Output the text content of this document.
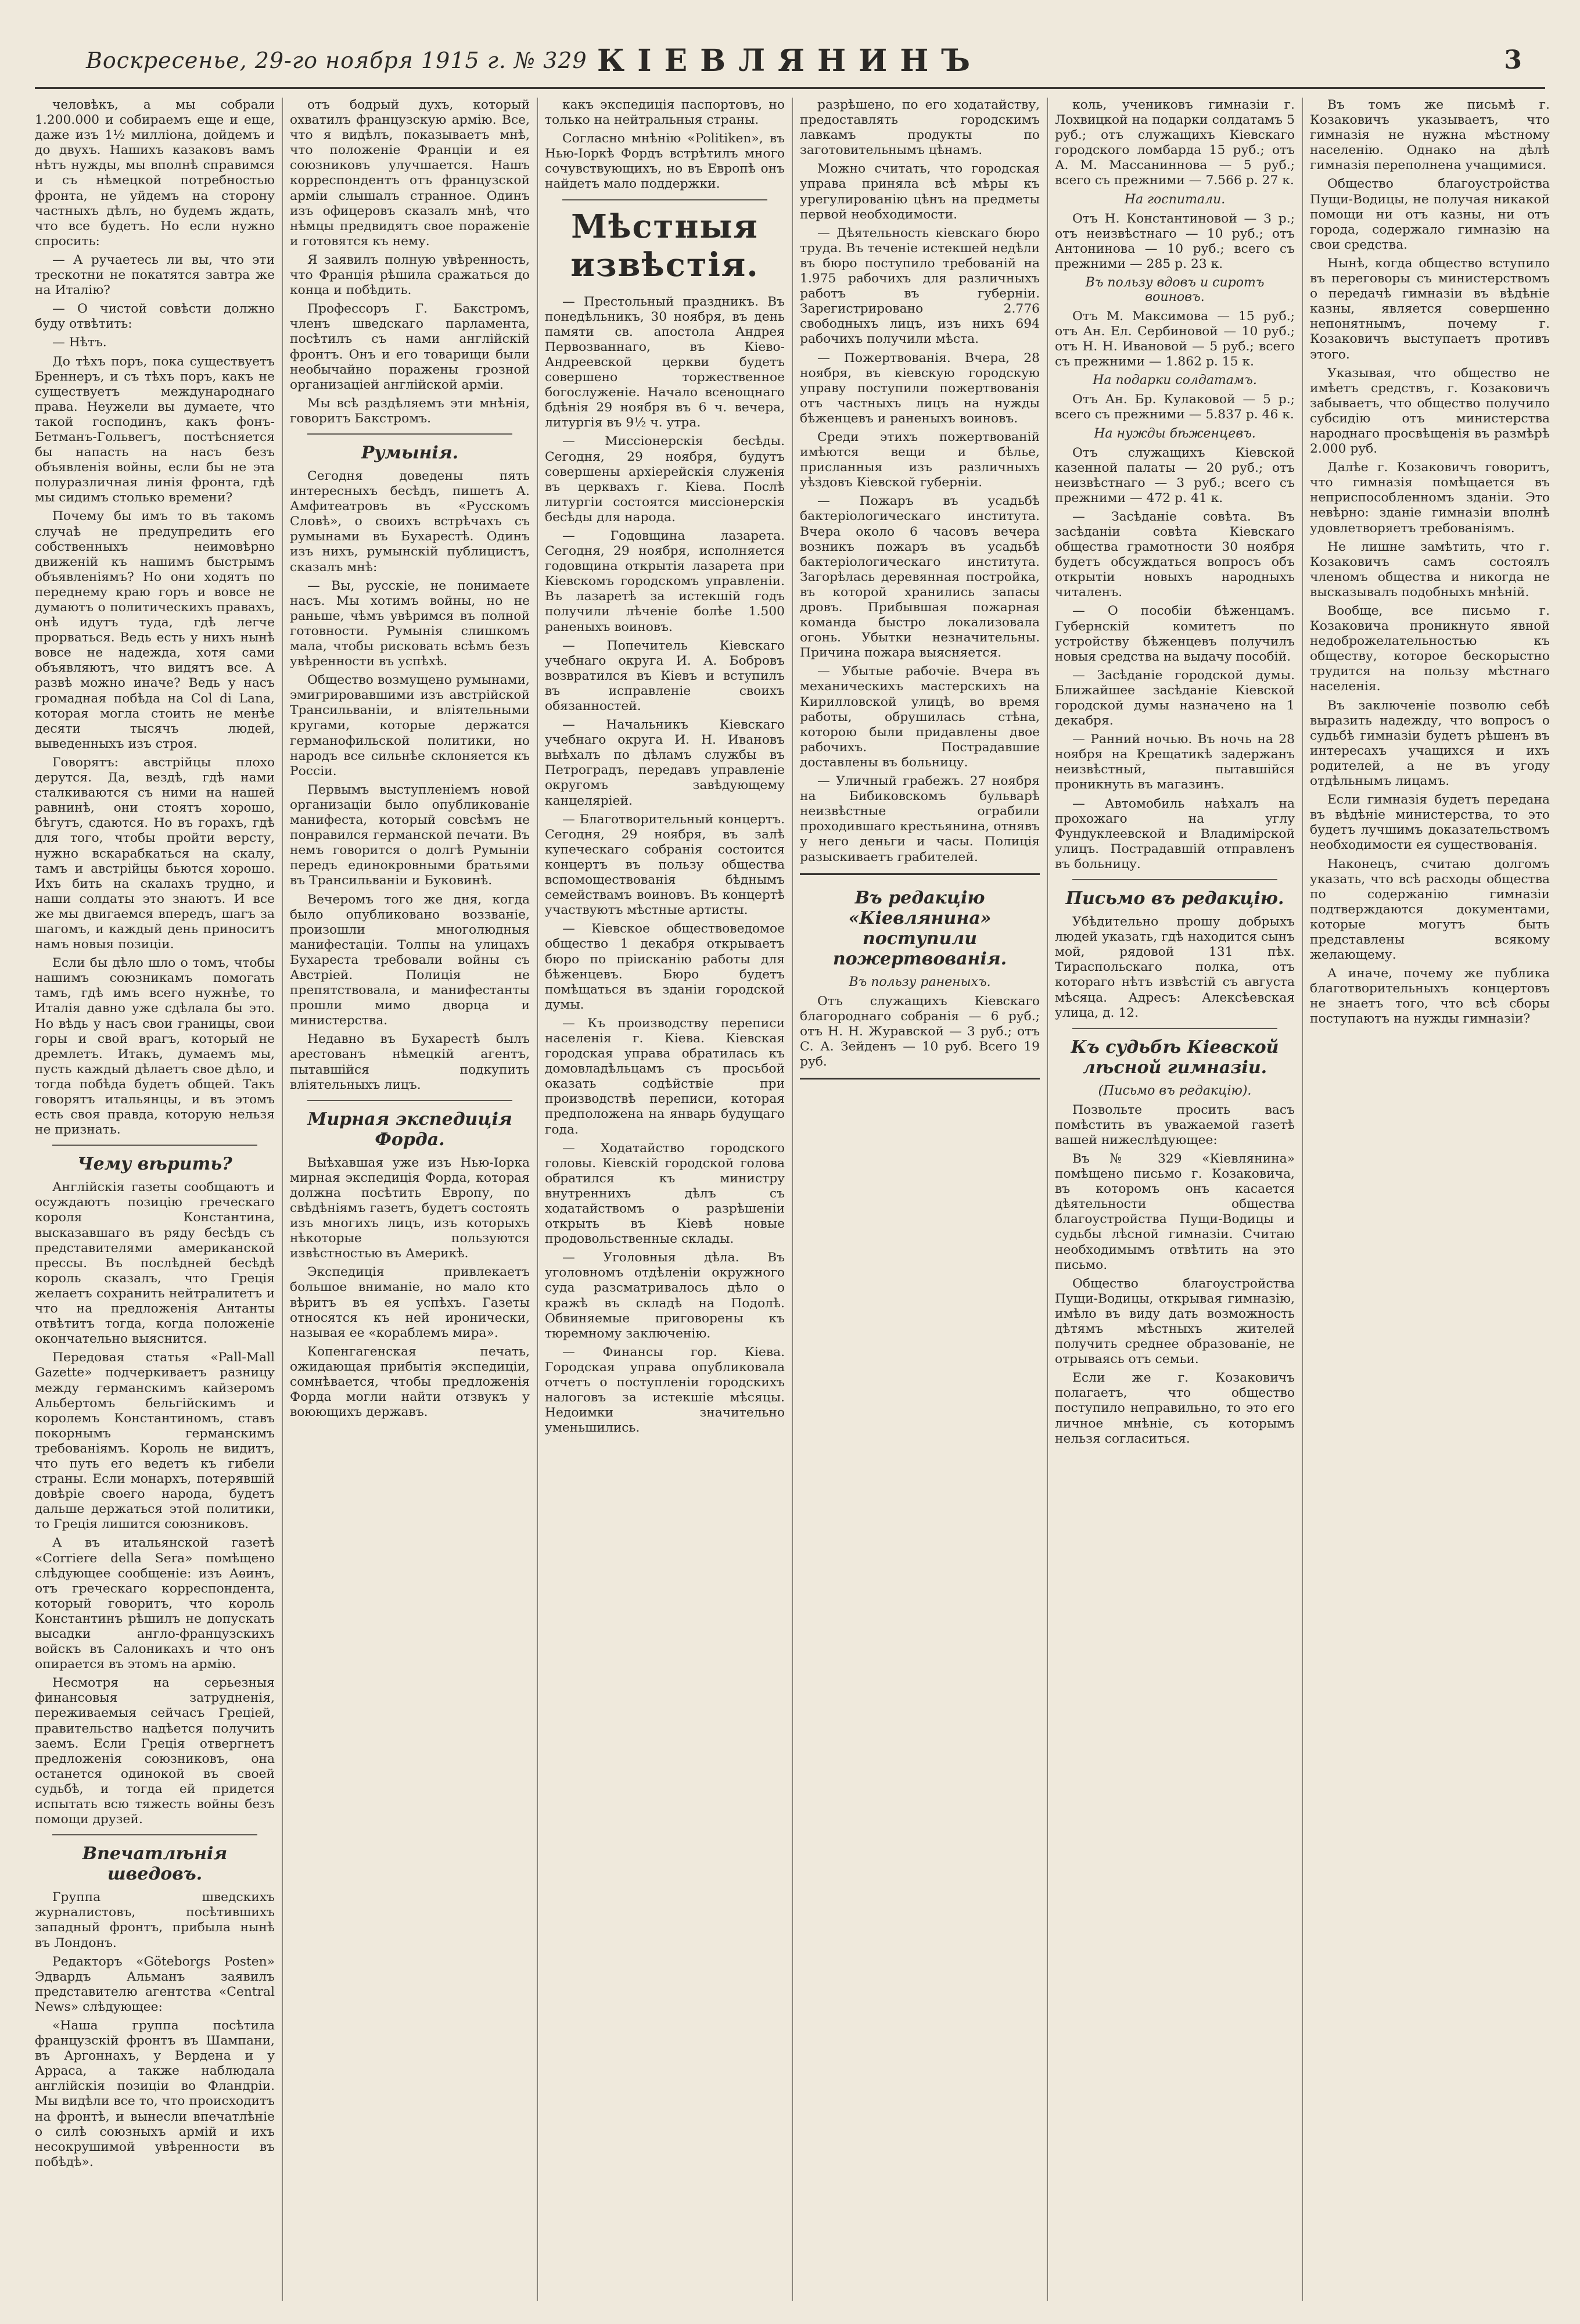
Воскресенье, 29-го ноября 1915 г. № 329 КІЕВЛЯНИНЪ	3

человѣкъ, а мы собрали 1.200.000 и собираемъ еще и еще, даже изъ 1½ милліона, дойдемъ и до двухъ. Нашихъ казаковъ вамъ нѣтъ нужды, мы вполнѣ справимся и съ нѣмецкой потребностью фронта, не уйдемъ на сторону частныхъ дѣлъ, но будемъ ждать, что все будетъ. Но если нужно спросить:

— А ручаетесь ли вы, что эти трескотни не покатятся завтра же на Италію?

— О чистой совѣсти должно буду отвѣтить:

— Нѣтъ.

До тѣхъ поръ, пока существуетъ Бреннеръ, и съ тѣхъ поръ, какъ не существуетъ международнаго права. Неужели вы думаете, что такой господинъ, какъ фонъ-Бетманъ-Гольвегъ, постѣсняется бы напасть на насъ безъ объявленія войны, если бы не эта полуразличная линія фронта, гдѣ мы сидимъ столько времени?

Почему бы имъ то въ такомъ случаѣ не предупредить его собственныхъ неимовѣрно движеній къ нашимъ быстрымъ объявленіямъ? Но они ходятъ по переднему краю горъ и вовсе не думаютъ о политическихъ правахъ, онѣ идутъ туда, гдѣ легче прорваться. Ведь есть у нихъ нынѣ вовсе не надежда, хотя сами объявляютъ, что видятъ все. А развѣ можно иначе? Ведь у насъ громадная побѣда на Col di Lana, которая могла стоить не менѣе десяти тысячъ людей, выведенныхъ изъ строя.

Говорятъ: австрійцы плохо дерутся. Да, вездѣ, гдѣ нами сталкиваются съ ними на нашей равнинѣ, они стоятъ хорошо, бѣгутъ, сдаются. Но въ горахъ, гдѣ для того, чтобы пройти версту, нужно вскарабкаться на скалу, тамъ и австрійцы бьются хорошо. Ихъ бить на скалахъ трудно, и наши солдаты это знаютъ. И все же мы двигаемся впередъ, шагъ за шагомъ, и каждый день приноситъ намъ новыя позиціи.

Если бы дѣло шло о томъ, чтобы нашимъ союзникамъ помогать тамъ, гдѣ имъ всего нужнѣе, то Италія давно уже сдѣлала бы это. Но вѣдь у насъ свои границы, свои горы и свой врагъ, который не дремлетъ. Итакъ, думаемъ мы, пусть каждый дѣлаетъ свое дѣло, и тогда побѣда будетъ общей. Такъ говорятъ итальянцы, и въ этомъ есть своя правда, которую нельзя не признать.

Чему вѣрить?

Англійскія газеты сообщаютъ и осуждаютъ позицію греческаго короля Константина, высказавшаго въ ряду бесѣдъ съ представителями американской прессы. Въ послѣдней бесѣдѣ король сказалъ, что Греція желаетъ сохранить нейтралитетъ и что на предложенія Антанты отвѣтитъ тогда, когда положеніе окончательно выяснится.

Передовая статья «Pall-Mall Gazette» подчеркиваетъ разницу между германскимъ кайзеромъ Альбертомъ бельгійскимъ и королемъ Константиномъ, ставъ покорнымъ германскимъ требованіямъ. Король не видитъ, что путь его ведетъ къ гибели страны. Если монархъ, потерявшій довѣріе своего народа, будетъ дальше держаться этой политики, то Греція лишится союзниковъ.

А въ итальянской газетѣ «Corriere della Sera» помѣщено слѣдующее сообщеніе: изъ Аѳинъ, отъ греческаго корреспондента, который говоритъ, что король Константинъ рѣшилъ не допускать высадки англо-французскихъ войскъ въ Салоникахъ и что онъ опирается въ этомъ на армію.

Несмотря на серьезныя финансовыя затрудненія, переживаемыя сейчасъ Греціей, правительство надѣется получить заемъ. Если Греція отвергнетъ предложенія союзниковъ, она останется одинокой въ своей судьбѣ, и тогда ей придется испытать всю тяжесть войны безъ помощи друзей.

Впечатлѣнія шведовъ.

Группа шведскихъ журналистовъ, посѣтившихъ западный фронтъ, прибыла нынѣ въ Лондонъ.

Редакторъ «Göteborgs Posten» Эдвардъ Альманъ заявилъ представителю агентства «Central News» слѣдующее:

«Наша группа посѣтила французскій фронтъ въ Шампани, въ Аргоннахъ, у Вердена и у Арраса, а также наблюдала англійскія позиціи во Фландріи. Мы видѣли все то, что происходитъ на фронтѣ, и вынесли впечатлѣніе о силѣ союзныхъ армій и ихъ несокрушимой увѣренности въ побѣдѣ».

отъ бодрый духъ, который охватилъ французскую армію. Все, что я видѣлъ, показываетъ мнѣ, что положеніе Франціи и ея союзниковъ улучшается. Нашъ корреспондентъ отъ французской арміи слышалъ странное. Одинъ изъ офицеровъ сказалъ мнѣ, что нѣмцы предвидятъ свое пораженіе и готовятся къ нему.

Я заявилъ полную увѣренность, что Франція рѣшила сражаться до конца и побѣдить.

Профессоръ Г. Бакстромъ, членъ шведскаго парламента, посѣтилъ съ нами англійскій фронтъ. Онъ и его товарищи были необычайно поражены грозной организаціей англійской арміи.

Мы всѣ раздѣляемъ эти мнѣнія, говоритъ Бакстромъ.

Румынія.

Сегодня доведены пять интересныхъ бесѣдъ, пишетъ А. Амфитеатровъ въ «Русскомъ Словѣ», о своихъ встрѣчахъ съ румынами въ Бухарестѣ. Одинъ изъ нихъ, румынскій публицистъ, сказалъ мнѣ:

— Вы, русскіе, не понимаете насъ. Мы хотимъ войны, но не раньше, чѣмъ увѣримся въ полной готовности. Румынія слишкомъ мала, чтобы рисковать всѣмъ безъ увѣренности въ успѣхѣ.

Общество возмущено румынами, эмигрировавшими изъ австрійской Трансильваніи, и вліятельными кругами, которые держатся германофильской политики, но народъ все сильнѣе склоняется къ Россіи.

Первымъ выступленіемъ новой организаціи было опубликованіе манифеста, который совсѣмъ не понравился германской печати. Въ немъ говорится о долгѣ Румыніи передъ единокровными братьями въ Трансильваніи и Буковинѣ.

Вечеромъ того же дня, когда было опубликовано воззваніе, произошли многолюдныя манифестаціи. Толпы на улицахъ Бухареста требовали войны съ Австріей. Полиція не препятствовала, и манифестанты прошли мимо дворца и министерства.

Недавно въ Бухарестѣ былъ арестованъ нѣмецкій агентъ, пытавшійся подкупить вліятельныхъ лицъ.

Мирная экспедиція Форда.

Выѣхавшая уже изъ Нью-Іорка мирная экспедиція Форда, которая должна посѣтить Европу, по свѣдѣніямъ газетъ, будетъ состоять изъ многихъ лицъ, изъ которыхъ нѣкоторые пользуются извѣстностью въ Америкѣ.

Экспедиція привлекаетъ большое вниманіе, но мало кто вѣритъ въ ея успѣхъ. Газеты относятся къ ней иронически, называя ее «кораблемъ мира».

Копенгагенская печать, ожидающая прибытія экспедиціи, сомнѣвается, чтобы предложенія Форда могли найти отзвукъ у воюющихъ державъ.

какъ экспедиція паспортовъ, но только на нейтральныя страны.

Согласно мнѣнію «Politiken», въ Нью-Іоркѣ Фордъ встрѣтилъ много сочувствующихъ, но въ Европѣ онъ найдетъ мало поддержки.

Мѣстныя извѣстія.

— Престольный праздникъ. Въ понедѣльникъ, 30 ноября, въ день памяти св. апостола Андрея Первозваннаго, въ Кіево-Андреевской церкви будетъ совершено торжественное богослуженіе. Начало всенощнаго бдѣнія 29 ноября въ 6 ч. вечера, литургія въ 9½ ч. утра.

— Миссіонерскія бесѣды. Сегодня, 29 ноября, будутъ совершены архіерейскія служенія въ церквахъ г. Кіева. Послѣ литургіи состоятся миссіонерскія бесѣды для народа.

— Годовщина лазарета. Сегодня, 29 ноября, исполняется годовщина открытія лазарета при Кіевскомъ городскомъ управленіи. Въ лазаретѣ за истекшій годъ получили лѣченіе болѣе 1.500 раненыхъ воиновъ.

— Попечитель Кіевскаго учебнаго округа И. А. Бобровъ возвратился въ Кіевъ и вступилъ въ исправленіе своихъ обязанностей.

— Начальникъ Кіевскаго учебнаго округа И. Н. Ивановъ выѣхалъ по дѣламъ службы въ Петроградъ, передавъ управленіе округомъ завѣдующему канцеляріей.

— Благотворительный концертъ. Сегодня, 29 ноября, въ залѣ купеческаго собранія состоится концертъ въ пользу общества вспомоществованія бѣднымъ семействамъ воиновъ. Въ концертѣ участвуютъ мѣстные артисты.

— Кіевское обществоведомое общество 1 декабря открываетъ бюро по пріисканію работы для бѣженцевъ. Бюро будетъ помѣщаться въ зданіи городской думы.

— Къ производству переписи населенія г. Кіева. Кіевская городская управа обратилась къ домовладѣльцамъ съ просьбой оказать содѣйствіе при производствѣ переписи, которая предположена на январь будущаго года.

— Ходатайство городского головы. Кіевскій городской голова обратился къ министру внутреннихъ дѣлъ съ ходатайствомъ о разрѣшеніи открыть въ Кіевѣ новые продовольственные склады.

— Уголовныя дѣла. Въ уголовномъ отдѣленіи окружного суда разсматривалось дѣло о кражѣ въ складѣ на Подолѣ. Обвиняемые приговорены къ тюремному заключенію.

— Финансы гор. Кіева. Городская управа опубликовала отчетъ о поступленіи городскихъ налоговъ за истекшіе мѣсяцы. Недоимки значительно уменьшились.

разрѣшено, по его ходатайству, предоставлять городскимъ лавкамъ продукты по заготовительнымъ цѣнамъ.

Можно считать, что городская управа приняла всѣ мѣры къ урегулированію цѣнъ на предметы первой необходимости.

— Дѣятельность кіевскаго бюро труда. Въ теченіе истекшей недѣли въ бюро поступило требованій на 1.975 рабочихъ для различныхъ работъ въ губерніи. Зарегистрировано 2.776 свободныхъ лицъ, изъ нихъ 694 рабочихъ получили мѣста.

— Пожертвованія. Вчера, 28 ноября, въ кіевскую городскую управу поступили пожертвованія отъ частныхъ лицъ на нужды бѣженцевъ и раненыхъ воиновъ.

Среди этихъ пожертвованій имѣются вещи и бѣлье, присланныя изъ различныхъ уѣздовъ Кіевской губерніи.

— Пожаръ въ усадьбѣ бактеріологическаго института. Вчера около 6 часовъ вечера возникъ пожаръ въ усадьбѣ бактеріологическаго института. Загорѣлась деревянная постройка, въ которой хранились запасы дровъ. Прибывшая пожарная команда быстро локализовала огонь. Убытки незначительны. Причина пожара выясняется.

— Убытые рабочіе. Вчера въ механическихъ мастерскихъ на Кирилловской улицѣ, во время работы, обрушилась стѣна, которою были придавлены двое рабочихъ. Пострадавшие доставлены въ больницу.

— Уличный грабежъ. 27 ноября на Бибиковскомъ бульварѣ неизвѣстные ограбили проходившаго крестьянина, отнявъ у него деньги и часы. Полиція разыскиваетъ грабителей.

Въ редакцію «Кіевлянина» поступили пожертвованія.
Въ пользу раненыхъ.

Отъ служащихъ Кіевскаго благороднаго собранія — 6 руб.; отъ Н. Н. Журавской — 3 руб.; отъ С. А. Зейденъ — 10 руб. Всего 19 руб.

коль, учениковъ гимназіи г. Лохвицкой на подарки солдатамъ 5 руб.; отъ служащихъ Кіевскаго городского ломбарда 15 руб.; отъ А. М. Массаниннова — 5 руб.; всего съ прежними — 7.566 р. 27 к.

На госпитали.

Отъ Н. Константиновой — 3 р.; отъ неизвѣстнаго — 10 руб.; отъ Антонинова — 10 руб.; всего съ прежними — 285 р. 23 к.

Въ пользу вдовъ и сиротъ воиновъ.

Отъ М. Максимова — 15 руб.; отъ Ан. Ел. Сербиновой — 10 руб.; отъ Н. Н. Ивановой — 5 руб.; всего съ прежними — 1.862 р. 15 к.

На подарки солдатамъ.

Отъ Ан. Бр. Кулаковой — 5 р.; всего съ прежними — 5.837 р. 46 к.

На нужды бѣженцевъ.

Отъ служащихъ Кіевской казенной палаты — 20 руб.; отъ неизвѣстнаго — 3 руб.; всего съ прежними — 472 р. 41 к.

— Засѣданіе совѣта. Въ засѣданіи совѣта Кіевскаго общества грамотности 30 ноября будетъ обсуждаться вопросъ объ открытіи новыхъ народныхъ читаленъ.

— О пособіи бѣженцамъ. Губернскій комитетъ по устройству бѣженцевъ получилъ новыя средства на выдачу пособій.

— Засѣданіе городской думы. Ближайшее засѣданіе Кіевской городской думы назначено на 1 декабря.

— Ранний ночью. Въ ночь на 28 ноября на Крещатикѣ задержанъ неизвѣстный, пытавшійся проникнуть въ магазинъ.

— Автомобиль наѣхалъ на прохожаго на углу Фундуклеевской и Владимірской улицъ. Пострадавшій отправленъ въ больницу.

Письмо въ редакцію.

Убѣдительно прошу добрыхъ людей указать, гдѣ находится сынъ мой, рядовой 131 пѣх. Тираспольскаго полка, отъ котораго нѣтъ извѣстій съ августа мѣсяца. Адресъ: Алексѣевская улица, д. 12.

Къ судьбѣ Кіевской лѣсной гимназіи.
(Письмо въ редакцію).

Позвольте просить васъ помѣстить въ уважаемой газетѣ вашей нижеслѣдующее:

Въ № 329 «Кіевлянина» помѣщено письмо г. Козаковича, въ которомъ онъ касается дѣятельности общества благоустройства Пущи-Водицы и судьбы лѣсной гимназіи. Считаю необходимымъ отвѣтить на это письмо.

Общество благоустройства Пущи-Водицы, открывая гимназію, имѣло въ виду дать возможность дѣтямъ мѣстныхъ жителей получить среднее образованіе, не отрываясь отъ семьи.

Если же г. Козаковичъ полагаетъ, что общество поступило неправильно, то это его личное мнѣніе, съ которымъ нельзя согласиться.

Въ томъ же письмѣ г. Козаковичъ указываетъ, что гимназія не нужна мѣстному населенію. Однако на дѣлѣ гимназія переполнена учащимися.

Общество благоустройства Пущи-Водицы, не получая никакой помощи ни отъ казны, ни отъ города, содержало гимназію на свои средства.

Нынѣ, когда общество вступило въ переговоры съ министерствомъ о передачѣ гимназіи въ вѣдѣніе казны, является совершенно непонятнымъ, почему г. Козаковичъ выступаетъ противъ этого.

Указывая, что общество не имѣетъ средствъ, г. Козаковичъ забываетъ, что общество получило субсидію отъ министерства народнаго просвѣщенія въ размѣрѣ 2.000 руб.

Далѣе г. Козаковичъ говоритъ, что гимназія помѣщается въ неприспособленномъ зданіи. Это невѣрно: зданіе гимназіи вполнѣ удовлетворяетъ требованіямъ.

Не лишне замѣтить, что г. Козаковичъ самъ состоялъ членомъ общества и никогда не высказывалъ подобныхъ мнѣній.

Вообще, все письмо г. Козаковича проникнуто явной недоброжелательностью къ обществу, которое бескорыстно трудится на пользу мѣстнаго населенія.

Въ заключеніе позволю себѣ выразить надежду, что вопросъ о судьбѣ гимназіи будетъ рѣшенъ въ интересахъ учащихся и ихъ родителей, а не въ угоду отдѣльнымъ лицамъ.

Если гимназія будетъ передана въ вѣдѣніе министерства, то это будетъ лучшимъ доказательствомъ необходимости ея существованія.

Наконецъ, считаю долгомъ указать, что всѣ расходы общества по содержанію гимназіи подтверждаются документами, которые могутъ быть представлены всякому желающему.

А иначе, почему же публика благотворительныхъ концертовъ не знаетъ того, что всѣ сборы поступаютъ на нужды гимназіи?
